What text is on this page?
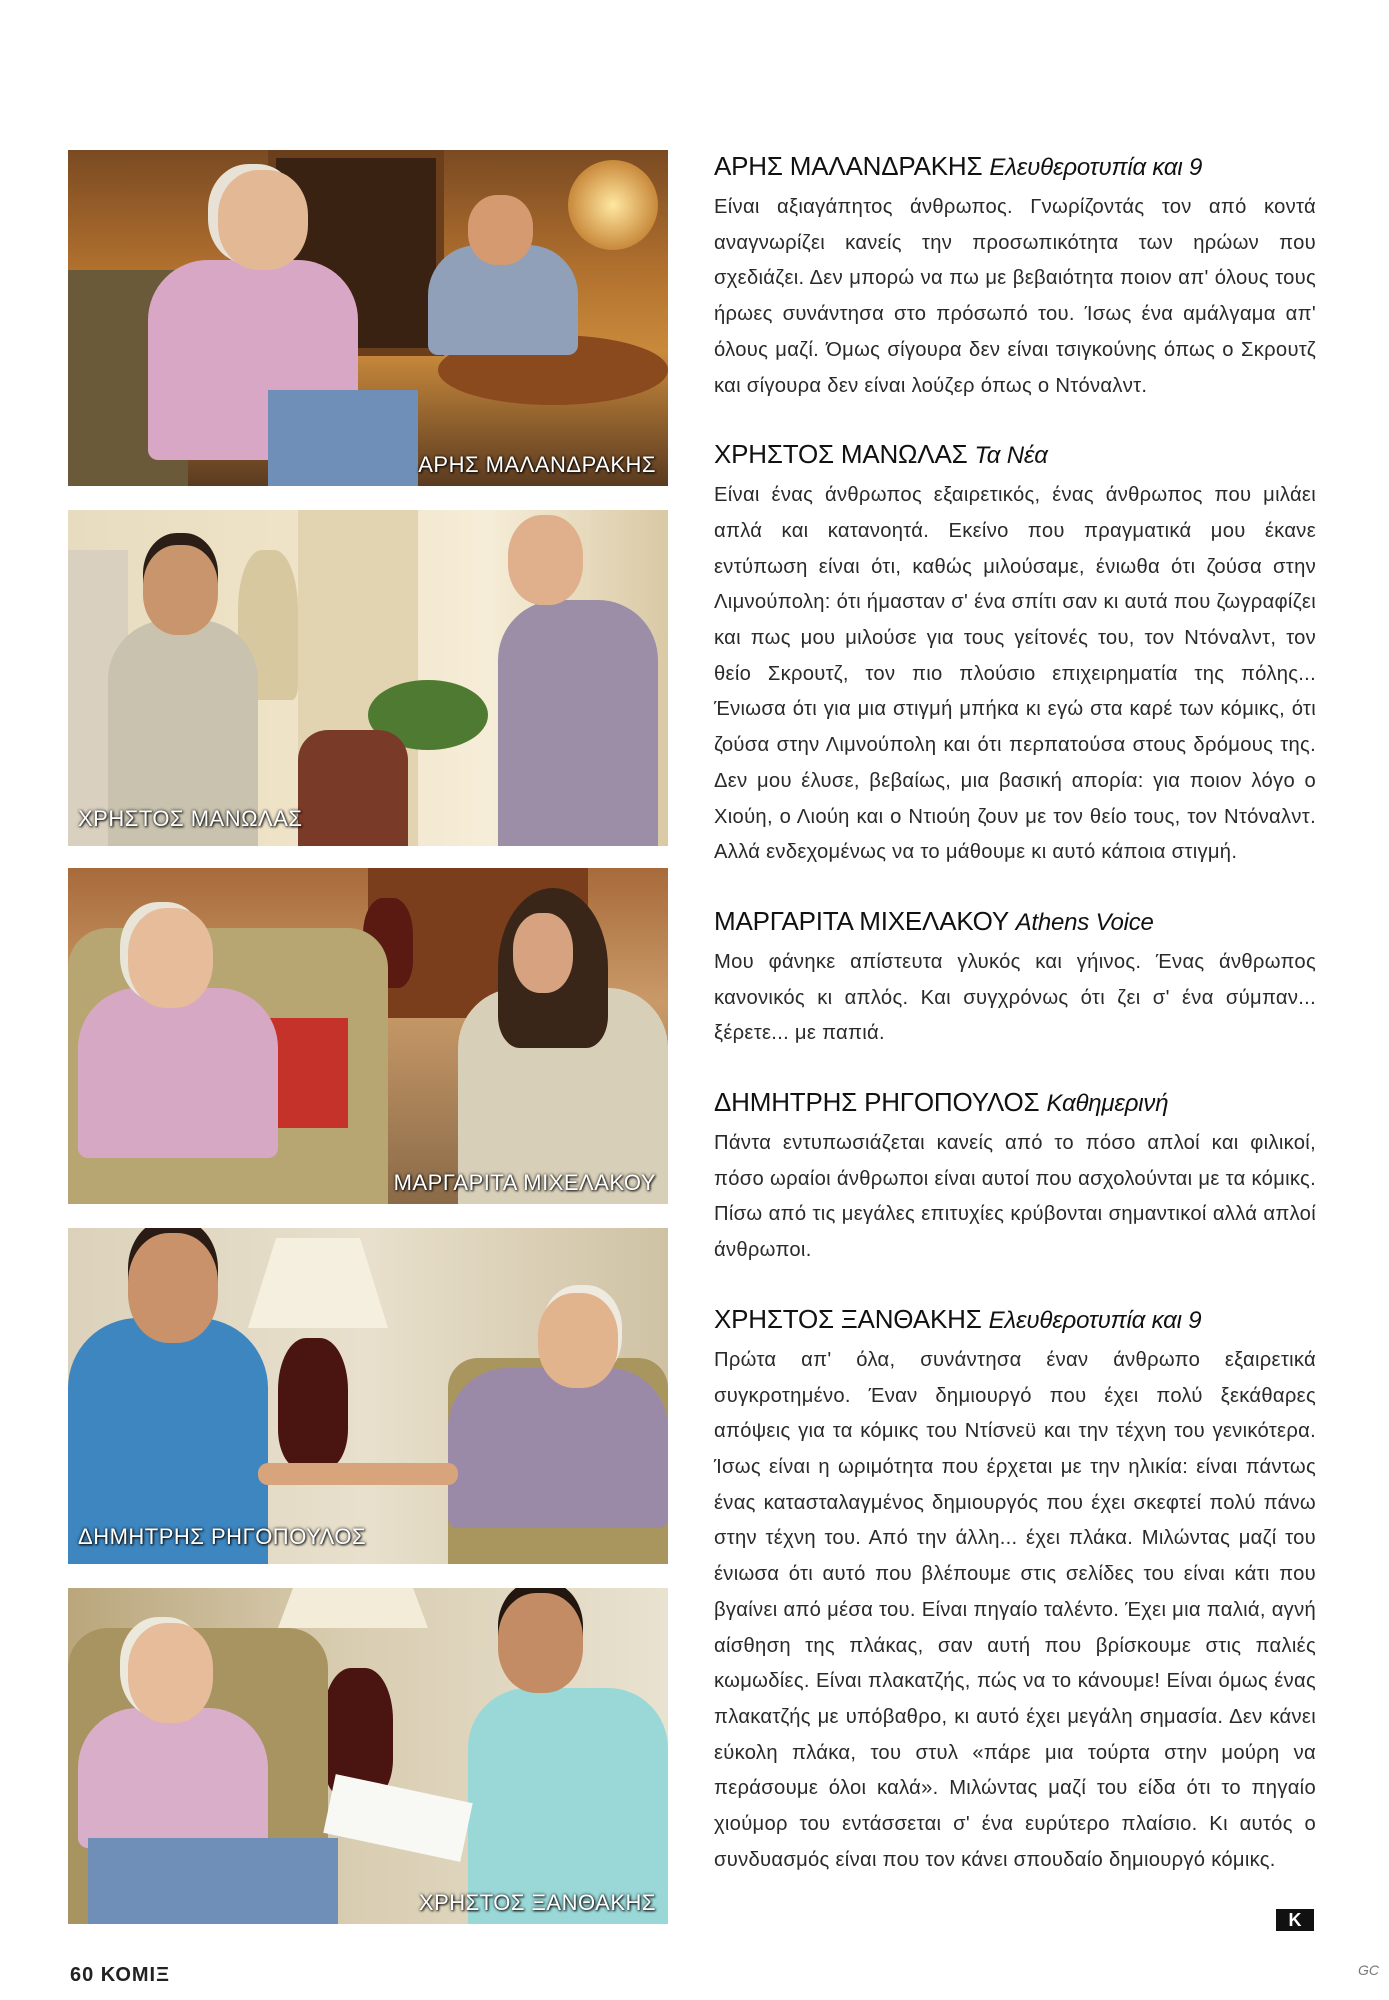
ΑΡΗΣ ΜΑΛΑΝΔΡΑΚΗΣ
ΧΡΗΣΤΟΣ ΜΑΝΩΛΑΣ
ΜΑΡΓΑΡΙΤΑ ΜΙΧΕΛΑΚΟΥ
ΔΗΜΗΤΡΗΣ ΡΗΓΟΠΟΥΛΟΣ
ΧΡΗΣΤΟΣ ΞΑΝΘΑΚΗΣ
ΑΡΗΣ ΜΑΛΑΝΔΡΑΚΗΣ Ελευθεροτυπία και 9

Είναι αξιαγάπητος άνθρωπος. Γνωρίζοντάς τον από κοντά αναγνωρίζει κανείς την προσωπικότητα των ηρώων που σχεδιάζει. Δεν μπορώ να πω με βεβαιότητα ποιον απ' όλους τους ήρωες συνάντησα στο πρόσωπό του. Ίσως ένα αμάλγαμα απ' όλους μαζί. Όμως σίγουρα δεν είναι τσιγκούνης όπως ο Σκρουτζ και σίγουρα δεν είναι λούζερ όπως ο Ντόναλντ.

ΧΡΗΣΤΟΣ ΜΑΝΩΛΑΣ Τα Νέα

Είναι ένας άνθρωπος εξαιρετικός, ένας άνθρωπος που μιλάει απλά και κατανοητά. Εκείνο που πραγματικά μου έκανε εντύπωση είναι ότι, καθώς μιλούσαμε, ένιωθα ότι ζούσα στην Λιμνούπολη: ότι ήμασταν σ' ένα σπίτι σαν κι αυτά που ζωγραφίζει και πως μου μιλούσε για τους γείτονές του, τον Ντόναλντ, τον θείο Σκρουτζ, τον πιο πλούσιο επιχειρηματία της πόλης... Ένιωσα ότι για μια στιγμή μπήκα κι εγώ στα καρέ των κόμικς, ότι ζούσα στην Λιμνούπολη και ότι περπατούσα στους δρόμους της. Δεν μου έλυσε, βεβαίως, μια βασική απορία: για ποιον λόγο ο Χιούη, ο Λιούη και ο Ντιούη ζουν με τον θείο τους, τον Ντόναλντ. Αλλά ενδεχομένως να το μάθουμε κι αυτό κάποια στιγμή.

ΜΑΡΓΑΡΙΤΑ ΜΙΧΕΛΑΚΟΥ Athens Voice

Μου φάνηκε απίστευτα γλυκός και γήινος. Ένας άνθρωπος κανονικός κι απλός. Και συγχρόνως ότι ζει σ' ένα σύμπαν... ξέρετε... με παπιά.

ΔΗΜΗΤΡΗΣ ΡΗΓΟΠΟΥΛΟΣ Καθημερινή

Πάντα εντυπωσιάζεται κανείς από το πόσο απλοί και φιλικοί, πόσο ωραίοι άνθρωποι είναι αυτοί που ασχολούνται με τα κόμικς. Πίσω από τις μεγάλες επιτυχίες κρύβονται σημαντικοί αλλά απλοί άνθρωποι.

ΧΡΗΣΤΟΣ ΞΑΝΘΑΚΗΣ Ελευθεροτυπία και 9

Πρώτα απ' όλα, συνάντησα έναν άνθρωπο εξαιρετικά συγκροτημένο. Έναν δημιουργό που έχει πολύ ξεκάθαρες απόψεις για τα κόμικς του Ντίσνεϋ και την τέχνη του γενικότερα. Ίσως είναι η ωριμότητα που έρχεται με την ηλικία: είναι πάντως ένας κατασταλαγμένος δημιουργός που έχει σκεφτεί πολύ πάνω στην τέχνη του. Από την άλλη... έχει πλάκα. Μιλώντας μαζί του ένιωσα ότι αυτό που βλέπουμε στις σελίδες του είναι κάτι που βγαίνει από μέσα του. Είναι πηγαίο ταλέντο. Έχει μια παλιά, αγνή αίσθηση της πλάκας, σαν αυτή που βρίσκουμε στις παλιές κωμωδίες. Είναι πλακατζής, πώς να το κάνουμε! Είναι όμως ένας πλακατζής με υπόβαθρο, κι αυτό έχει μεγάλη σημασία. Δεν κάνει εύκολη πλάκα, του στυλ «πάρε μια τούρτα στην μούρη να περάσουμε όλοι καλά». Μιλώντας μαζί του είδα ότι το πηγαίο χιούμορ του εντάσσεται σ' ένα ευρύτερο πλαίσιο. Κι αυτός ο συνδυασμός είναι που τον κάνει σπουδαίο δημιουργό κόμικς.

K
60 ΚΟΜΙΞ	GC
